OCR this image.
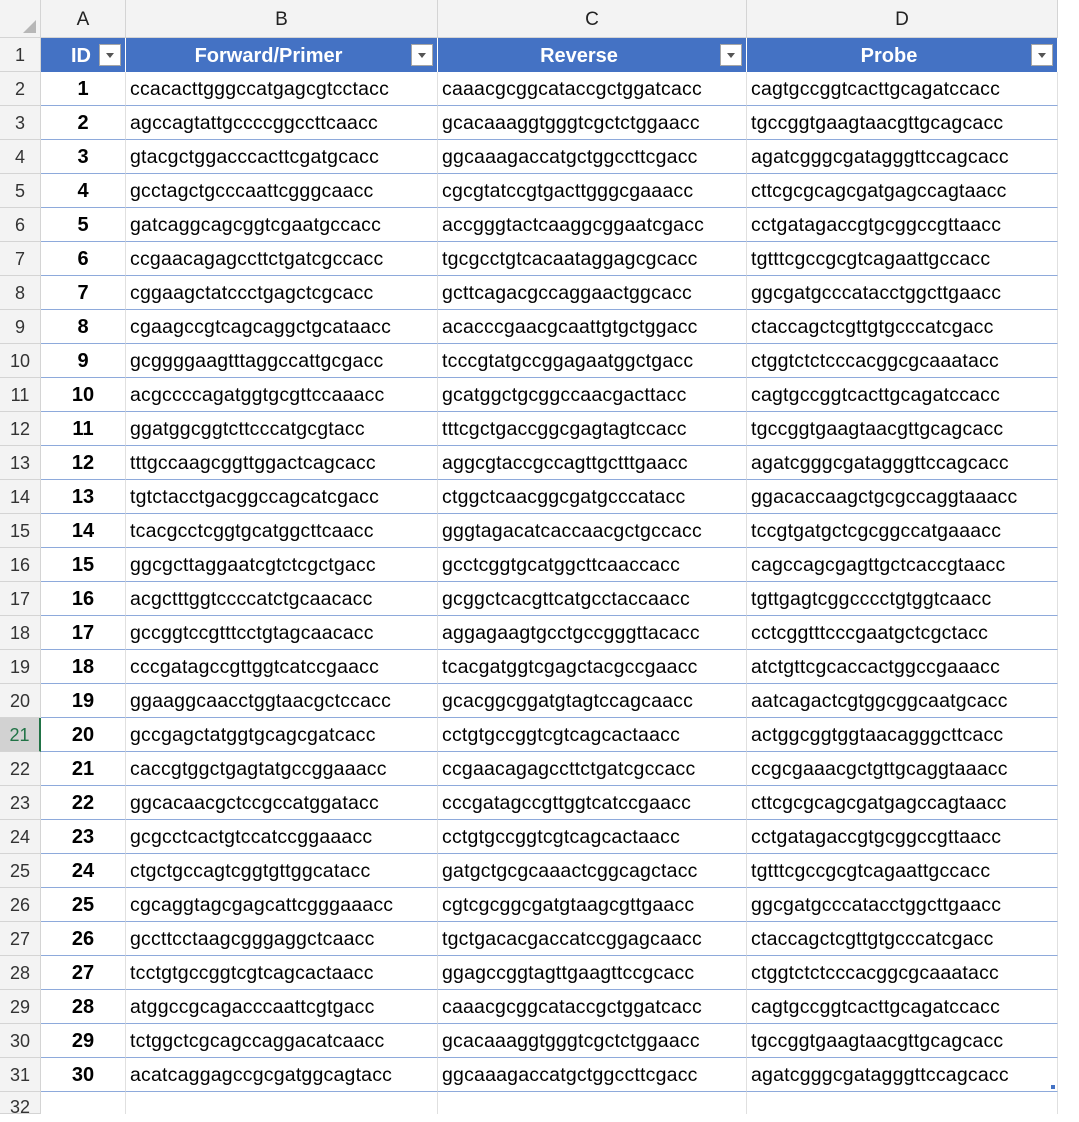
A	B	C	D
ID	Forward/Primer	Reverse	Probe
1
2
3
4
5
6
7
8
9
10
11
12
13
14
15
16
17
18
19
20
21
22
23
24
25
26
27
28
29
30
31
32
1	ccacacttgggccatgagcgtcctacc	caaacgcggcataccgctggatcacc	cagtgccggtcacttgcagatccacc
2	agccagtattgccccggccttcaacc	gcacaaaggtgggtcgctctggaacc	tgccggtgaagtaacgttgcagcacc
3	gtacgctggacccacttcgatgcacc	ggcaaagaccatgctggccttcgacc	agatcgggcgatagggttccagcacc
4	gcctagctgcccaattcgggcaacc	cgcgtatccgtgacttgggcgaaacc	cttcgcgcagcgatgagccagtaacc
5	gatcaggcagcggtcgaatgccacc	accgggtactcaaggcggaatcgacc	cctgatagaccgtgcggccgttaacc
6	ccgaacagagccttctgatcgccacc	tgcgcctgtcacaataggagcgcacc	tgtttcgccgcgtcagaattgccacc
7	cggaagctatccctgagctcgcacc	gcttcagacgccaggaactggcacc	ggcgatgcccatacctggcttgaacc
8	cgaagccgtcagcaggctgcataacc	acacccgaacgcaattgtgctggacc	ctaccagctcgttgtgcccatcgacc
9	gcggggaagtttaggccattgcgacc	tcccgtatgccggagaatggctgacc	ctggtctctcccacggcgcaaatacc
10	acgccccagatggtgcgttccaaacc	gcatggctgcggccaacgacttacc	cagtgccggtcacttgcagatccacc
11	ggatggcggtcttcccatgcgtacc	tttcgctgaccggcgagtagtccacc	tgccggtgaagtaacgttgcagcacc
12	tttgccaagcggttggactcagcacc	aggcgtaccgccagttgctttgaacc	agatcgggcgatagggttccagcacc
13	tgtctacctgacggccagcatcgacc	ctggctcaacggcgatgcccatacc	ggacaccaagctgcgccaggtaaacc
14	tcacgcctcggtgcatggcttcaacc	gggtagacatcaccaacgctgccacc	tccgtgatgctcgcggccatgaaacc
15	ggcgcttaggaatcgtctcgctgacc	gcctcggtgcatggcttcaaccacc	cagccagcgagttgctcaccgtaacc
16	acgctttggtccccatctgcaacacc	gcggctcacgttcatgcctaccaacc	tgttgagtcggcccctgtggtcaacc
17	gccggtccgtttcctgtagcaacacc	aggagaagtgcctgccgggttacacc	cctcggtttcccgaatgctcgctacc
18	cccgatagccgttggtcatccgaacc	tcacgatggtcgagctacgccgaacc	atctgttcgcaccactggccgaaacc
19	ggaaggcaacctggtaacgctccacc	gcacggcggatgtagtccagcaacc	aatcagactcgtggcggcaatgcacc
20	gccgagctatggtgcagcgatcacc	cctgtgccggtcgtcagcactaacc	actggcggtggtaacagggcttcacc
21	caccgtggctgagtatgccggaaacc	ccgaacagagccttctgatcgccacc	ccgcgaaacgctgttgcaggtaaacc
22	ggcacaacgctccgccatggatacc	cccgatagccgttggtcatccgaacc	cttcgcgcagcgatgagccagtaacc
23	gcgcctcactgtccatccggaaacc	cctgtgccggtcgtcagcactaacc	cctgatagaccgtgcggccgttaacc
24	ctgctgccagtcggtgttggcatacc	gatgctgcgcaaactcggcagctacc	tgtttcgccgcgtcagaattgccacc
25	cgcaggtagcgagcattcgggaaacc	cgtcgcggcgatgtaagcgttgaacc	ggcgatgcccatacctggcttgaacc
26	gccttcctaagcgggaggctcaacc	tgctgacacgaccatccggagcaacc	ctaccagctcgttgtgcccatcgacc
27	tcctgtgccggtcgtcagcactaacc	ggagccggtagttgaagttccgcacc	ctggtctctcccacggcgcaaatacc
28	atggccgcagacccaattcgtgacc	caaacgcggcataccgctggatcacc	cagtgccggtcacttgcagatccacc
29	tctggctcgcagccaggacatcaacc	gcacaaaggtgggtcgctctggaacc	tgccggtgaagtaacgttgcagcacc
30	acatcaggagccgcgatggcagtacc	ggcaaagaccatgctggccttcgacc	agatcgggcgatagggttccagcacc
